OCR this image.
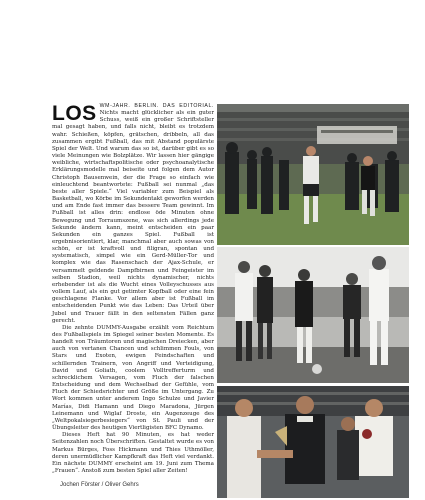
LOS WM-JAHR. BERLIN. DAS EDITORIAL. Nichts macht glücklicher als ein guter Schuss, weiß ein großer Schriftsteller mal gesagt haben, und falls nicht, bleibt es trotzdem wahr. Schießen, köpfen, grätschen, dribbeln, all das zusammen ergibt Fußball, das mit Abstand populärste Spiel der Welt. Und warum das so ist, darüber gibt es so viele Meinungen wie Bolzplätze. Wir lassen hier gängige weibliche, wirtschaftspolitische oder psychoanalytische Erklärungsmodelle mal beiseite und folgen dem Autor Christoph Bausenwein, der die Frage so einfach wie einleuchtend beantwortete: Fußball sei nunmal „das beste aller Spiele.“ Viel variabler zum Beispiel als Basketball, wo Körbe im Sekundentakt geworfen werden und am Ende fast immer das bessere Team gewinnt. Im Fußball ist alles drin: endlose öde Minuten ohne Bewegung und Torraumszene, was sich allerdings jede Sekunde ändern kann, meint entscheiden ein paar Sekunden ein ganzes Spiel. Fußball ist ergebnisorientiert, klar, manchmal aber auch sowas von schön, er ist kraftvoll und filigran, spontan und systematisch, simpel wie ein Gerd-Müller-Tor und komplex wie das Rasenschach der Ajax-Schule, er versammelt geldende Dampfbirnen und Feingeister im selben Stadion, weil nichts dynamischer, nichts erhebender ist als die Wucht eines Volleyschusses aus vollem Lauf, als ein gut getimter Kopfball oder eine fein geschlagene Flanke. Vor allem aber ist Fußball im entscheidenden Punkt wie das Leben: Das Urteil über Jubel und Trauer fällt in den seltensten Fällen ganz gerecht.

Die zehnte DUMMY-Ausgabe erzählt vom Reichtum des Fußballspiels im Spiegel seiner besten Momente. Es handelt von Träumtoren und magischen Dreiecken, aber auch von vertanen Chancen und schlimmen Fouls, von Stars und Exoten, ewigen Feindschaften und schillernden Trainern, von Angriff und Verteidigung, David und Goliath, coolem Volltrefferturm und schrecklichem Versagen, vom Fluch der falschen Entscheidung und dem Wechselbad der Gefühle, vom Fluch der Schiedsrichter und Größe im Untergang. Zu Wort kommen unter anderem Ingo Schulze und Javier Marías, Didi Hamann und Diego Maradona, Jürgen Leinemann und Wiglaf Droste, ein Augenzeuge des „Weltpokalsiegerbesiegers“ von St. Pauli und der Übungsleiter des heutigen Viertligisten BFC Dynamo.

Dieses Heft hat 90 Minuten, es hat weder Seitenzahlen noch Überschriften. Gestaltet wurde es von Markus Bürges, Foss Hickmann und Thies Uthmöller, deren unermüdlicher Kampfkraft das Heft viel verdankt. Ein nächste DUMMY erscheint am 19. Juni zum Thema „Frauen“. Anstoß zum besten Spiel aller Zeiten!

Jochen Förster / Oliver Gehrs
